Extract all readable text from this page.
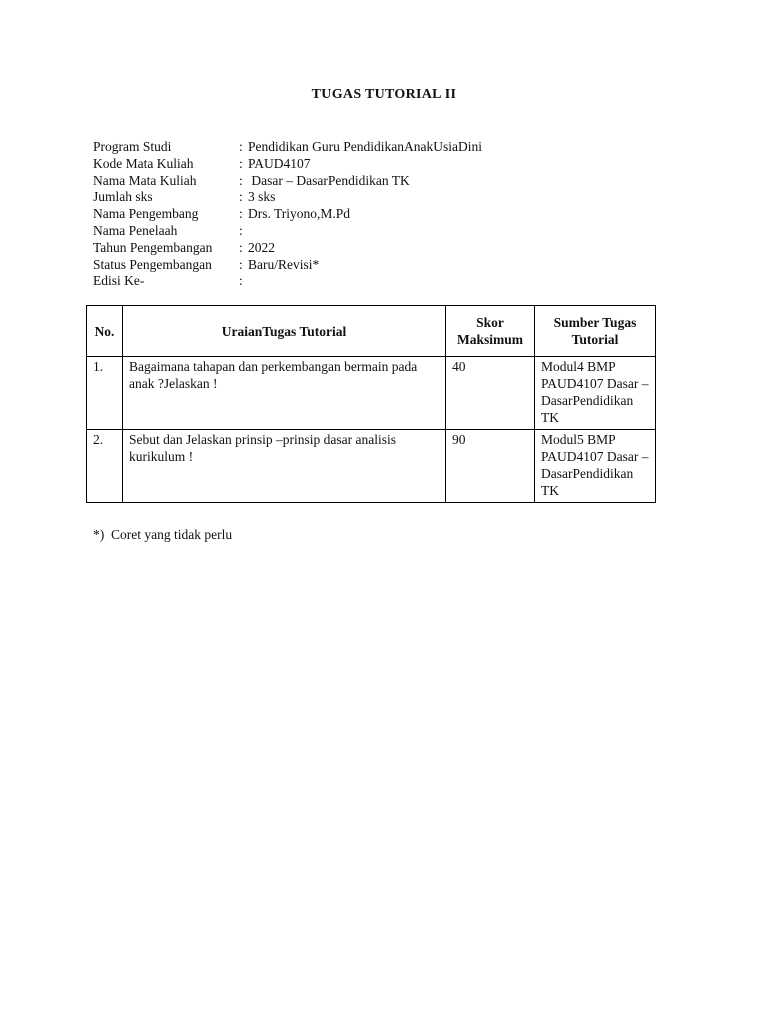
TUGAS TUTORIAL II
Program Studi	: Pendidikan Guru PendidikanAnakUsiaDini
Kode Mata Kuliah	: PAUD4107
Nama Mata Kuliah	: Dasar – DasarPendidikan TK
Jumlah sks	: 3 sks
Nama Pengembang	: Drs. Triyono,M.Pd
Nama Penelaah	:
Tahun Pengembangan	: 2022
Status Pengembangan	: Baru/Revisi*
Edisi Ke-	:
No.	UraianTugas Tutorial	Skor Maksimum	Sumber Tugas Tutorial
1.	Bagaimana tahapan dan perkembangan bermain pada anak ?Jelaskan !	40	Modul4 BMP PAUD4107 Dasar – DasarPendidikan TK
2.	Sebut dan Jelaskan prinsip –prinsip dasar analisis kurikulum !	90	Modul5 BMP PAUD4107 Dasar – DasarPendidikan TK
*)  Coret yang tidak perlu
